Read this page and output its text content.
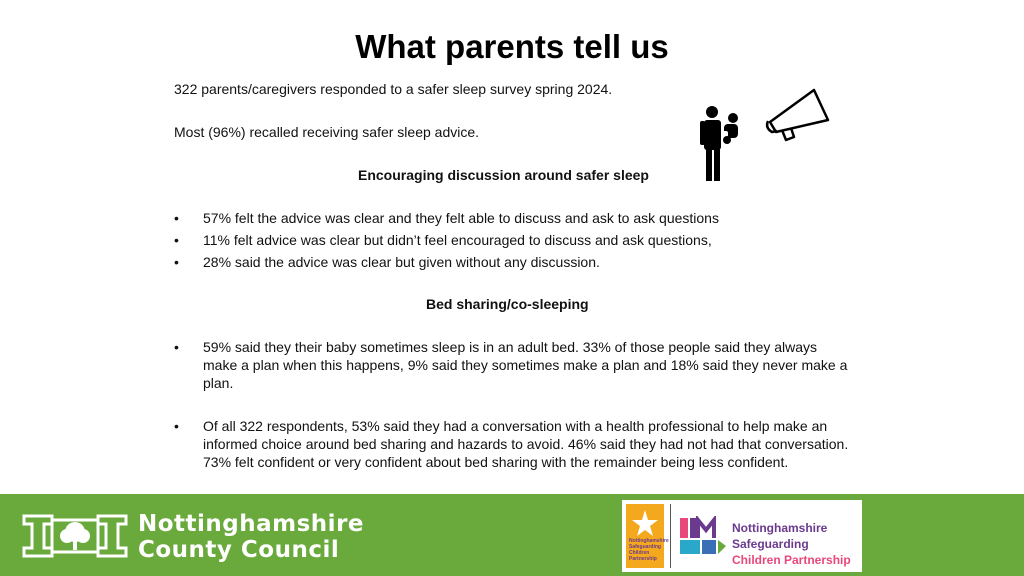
What parents tell us
322 parents/caregivers responded to a safer sleep survey spring 2024.
Most (96%) recalled receiving safer sleep advice.
Encouraging discussion around safer sleep
• 57% felt the advice was clear and they felt able to discuss and ask to ask questions
• 11% felt advice was clear but didn’t feel encouraged to discuss and ask questions,
• 28% said the advice was clear but given without any discussion.
Bed sharing/co-sleeping
• 59% said they their baby sometimes sleep is in an adult bed. 33% of those people said they always make a plan when this happens, 9% said they sometimes make a plan and 18% said they never make a plan.
• Of all 322 respondents, 53% said they had a conversation with a health professional to help make an informed choice around bed sharing and hazards to avoid. 46% said they had not had that conversation. 73% felt confident or very confident about bed sharing with the remainder being less confident.
Nottinghamshire
County Council	Nottinghamshire Safeguarding Children Partnership
Nottinghamshire
Safeguarding
Children Partnership
